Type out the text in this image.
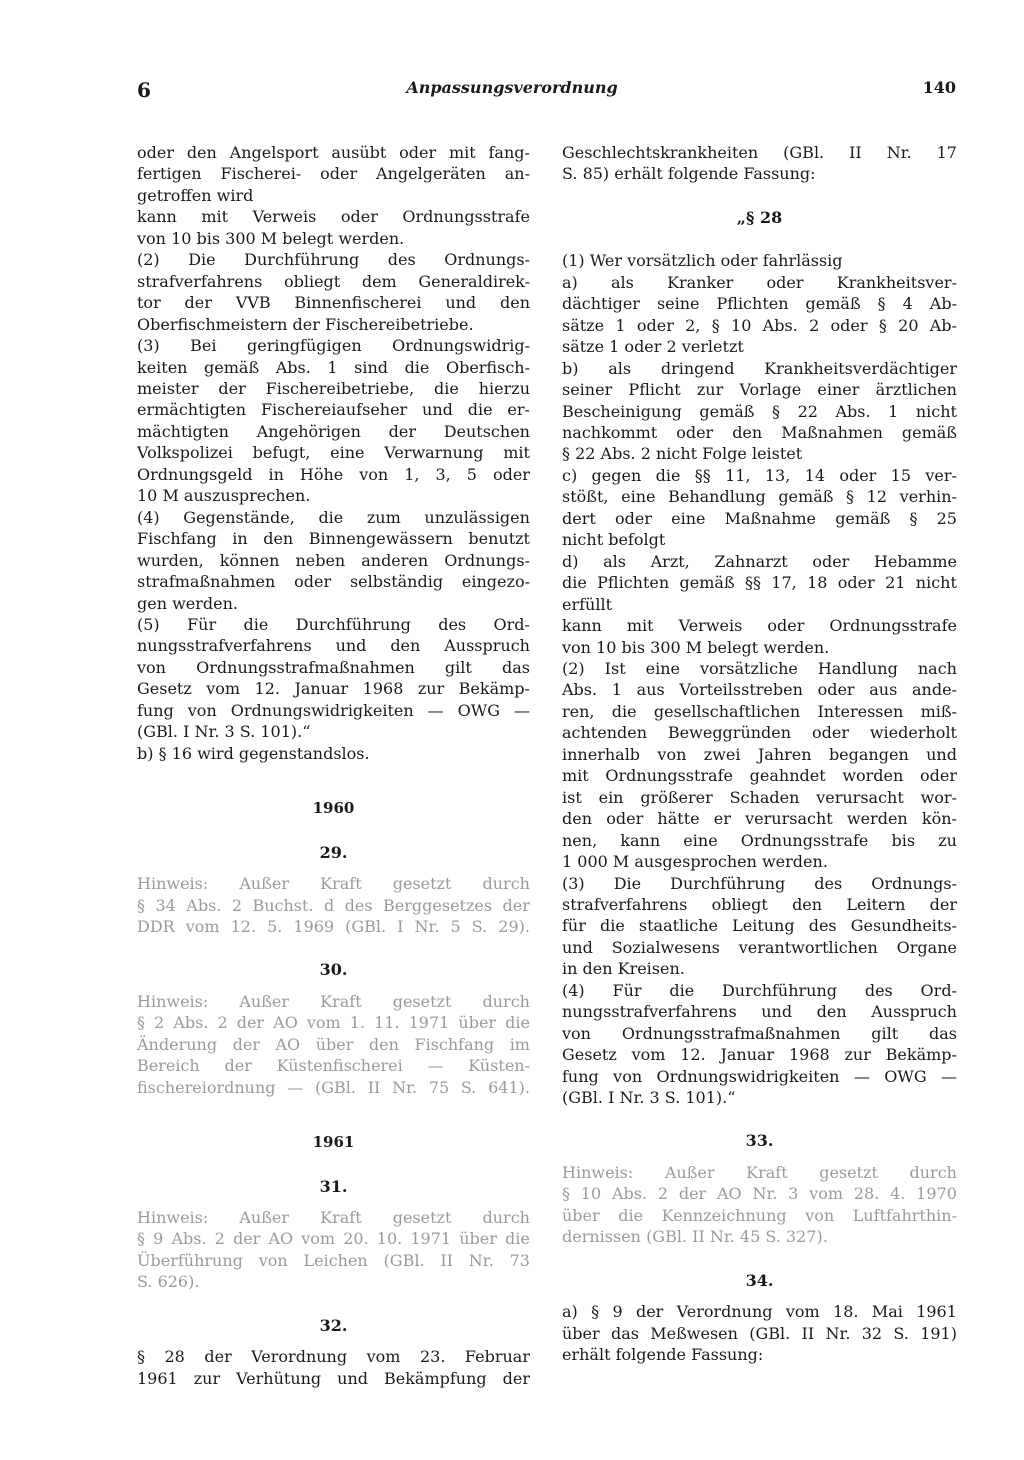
6	Anpassungsverordnung	140
oder den Angelsport ausübt oder mit fang-
fertigen Fischerei- oder Angelgeräten an-
getroffen wird
kann mit Verweis oder Ordnungsstrafe
von 10 bis 300 M belegt werden.
(2) Die Durchführung des Ordnungs-
strafverfahrens obliegt dem Generaldirek-
tor der VVB Binnenfischerei und den
Oberfischmeistern der Fischereibetriebe.
(3) Bei geringfügigen Ordnungswidrig-
keiten gemäß Abs. 1 sind die Oberfisch-
meister der Fischereibetriebe, die hierzu
ermächtigten Fischereiaufseher und die er-
mächtigten Angehörigen der Deutschen
Volkspolizei befugt, eine Verwarnung mit
Ordnungsgeld in Höhe von 1, 3, 5 oder
10 M auszusprechen.
(4) Gegenstände, die zum unzulässigen
Fischfang in den Binnengewässern benutzt
wurden, können neben anderen Ordnungs-
strafmaßnahmen oder selbständig eingezo-
gen werden.
(5) Für die Durchführung des Ord-
nungsstrafverfahrens und den Ausspruch
von Ordnungsstrafmaßnahmen gilt das
Gesetz vom 12. Januar 1968 zur Bekämp-
fung von Ordnungswidrigkeiten — OWG —
(GBl. I Nr. 3 S. 101).“
b) § 16 wird gegenstandslos.
1960
29.
Hinweis: Außer Kraft gesetzt durch
§ 34 Abs. 2 Buchst. d des Berggesetzes der
DDR vom 12. 5. 1969 (GBl. I Nr. 5 S. 29).
30.
Hinweis: Außer Kraft gesetzt durch
§ 2 Abs. 2 der AO vom 1. 11. 1971 über die
Änderung der AO über den Fischfang im
Bereich der Küstenfischerei — Küsten-
fischereiordnung — (GBl. II Nr. 75 S. 641).
1961
31.
Hinweis: Außer Kraft gesetzt durch
§ 9 Abs. 2 der AO vom 20. 10. 1971 über die
Überführung von Leichen (GBl. II Nr. 73
S. 626).
32.
§ 28 der Verordnung vom 23. Februar
1961 zur Verhütung und Bekämpfung der
Geschlechtskrankheiten (GBl. II Nr. 17
S. 85) erhält folgende Fassung:
„§ 28
(1) Wer vorsätzlich oder fahrlässig
a) als Kranker oder Krankheitsver-
dächtiger seine Pflichten gemäß § 4 Ab-
sätze 1 oder 2, § 10 Abs. 2 oder § 20 Ab-
sätze 1 oder 2 verletzt
b) als dringend Krankheitsverdächtiger
seiner Pflicht zur Vorlage einer ärztlichen
Bescheinigung gemäß § 22 Abs. 1 nicht
nachkommt oder den Maßnahmen gemäß
§ 22 Abs. 2 nicht Folge leistet
c) gegen die §§ 11, 13, 14 oder 15 ver-
stößt, eine Behandlung gemäß § 12 verhin-
dert oder eine Maßnahme gemäß § 25
nicht befolgt
d) als Arzt, Zahnarzt oder Hebamme
die Pflichten gemäß §§ 17, 18 oder 21 nicht
erfüllt
kann mit Verweis oder Ordnungsstrafe
von 10 bis 300 M belegt werden.
(2) Ist eine vorsätzliche Handlung nach
Abs. 1 aus Vorteilsstreben oder aus ande-
ren, die gesellschaftlichen Interessen miß-
achtenden Beweggründen oder wiederholt
innerhalb von zwei Jahren begangen und
mit Ordnungsstrafe geahndet worden oder
ist ein größerer Schaden verursacht wor-
den oder hätte er verursacht werden kön-
nen, kann eine Ordnungsstrafe bis zu
1 000 M ausgesprochen werden.
(3) Die Durchführung des Ordnungs-
strafverfahrens obliegt den Leitern der
für die staatliche Leitung des Gesundheits-
und Sozialwesens verantwortlichen Organe
in den Kreisen.
(4) Für die Durchführung des Ord-
nungsstrafverfahrens und den Ausspruch
von Ordnungsstrafmaßnahmen gilt das
Gesetz vom 12. Januar 1968 zur Bekämp-
fung von Ordnungswidrigkeiten — OWG —
(GBl. I Nr. 3 S. 101).“
33.
Hinweis: Außer Kraft gesetzt durch
§ 10 Abs. 2 der AO Nr. 3 vom 28. 4. 1970
über die Kennzeichnung von Luftfahrthin-
dernissen (GBl. II Nr. 45 S. 327).
34.
a) § 9 der Verordnung vom 18. Mai 1961
über das Meßwesen (GBl. II Nr. 32 S. 191)
erhält folgende Fassung:
